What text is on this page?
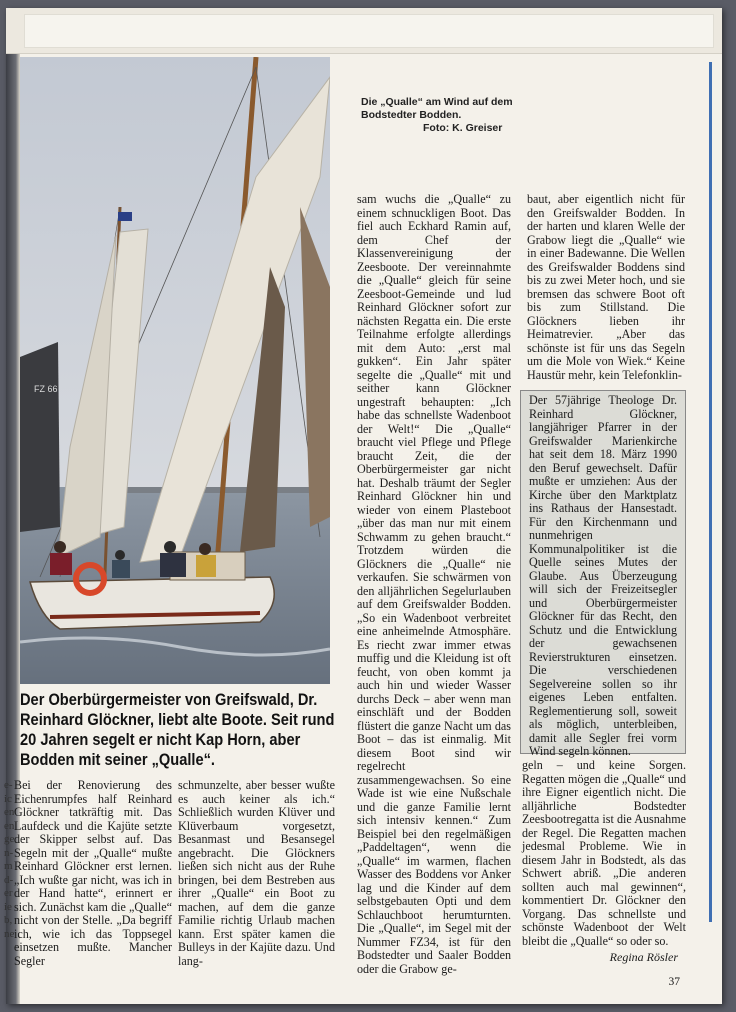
FZ 66
Die „Qualle“ am Wind auf dem Bodstedter Bodden.
Foto: K. Greiser
Der Oberbürgermeister von Greifswald, Dr. Reinhard Glöckner, liebt alte Boote. Seit rund 20 Jahren segelt er nicht Kap Horn, aber Bodden mit seiner „Qualle“.
e- ic en en ge n- m d- er ie b, ne

Bei der Renovierung des Eichenrumpfes half Reinhard Glöckner tatkräftig mit. Das Laufdeck und die Kajüte setzte der Skipper selbst auf. Das Segeln mit der „Qualle“ mußte Reinhard Glöckner erst lernen. „Ich wußte gar nicht, was ich in der Hand hatte“, erinnert er sich. Zunächst kam die „Qualle“ nicht von der Stelle. „Da begriff ich, wie ich das Toppsegel einsetzen mußte. Mancher Segler

schmunzelte, aber besser wußte es auch keiner als ich.“ Schließlich wurden Klüver und Klüverbaum vorgesetzt, Besanmast und Besansegel angebracht. Die Glöckners ließen sich nicht aus der Ruhe bringen, bei dem Bestreben aus ihrer „Qualle“ ein Boot zu machen, auf dem die ganze Familie richtig Urlaub machen kann. Erst später kamen die Bulleys in der Kajüte dazu. Und lang-

sam wuchs die „Qualle“ zu einem schnuckligen Boot. Das fiel auch Eckhard Ramin auf, dem Chef der Klassenvereinigung der Zeesboote. Der vereinnahmte die „Qualle“ gleich für seine Zeesboot-Gemeinde und lud Reinhard Glöckner sofort zur nächsten Regatta ein. Die erste Teilnahme erfolgte allerdings mit dem Auto: „erst mal gukken“. Ein Jahr später segelte die „Qualle“ mit und seither kann Glöckner ungestraft behaupten: „Ich habe das schnellste Wadenboot der Welt!“ Die „Qualle“ braucht viel Pflege und Pflege braucht Zeit, die der Oberbürgermeister gar nicht hat. Deshalb träumt der Segler Reinhard Glöckner hin und wieder von einem Plasteboot „über das man nur mit einem Schwamm zu gehen braucht.“ Trotzdem würden die Glöckners die „Qualle“ nie verkaufen. Sie schwärmen von den alljährlichen Segelurlauben auf dem Greifswalder Bodden. „So ein Wadenboot verbreitet eine anheimelnde Atmosphäre. Es riecht zwar immer etwas muffig und die Kleidung ist oft feucht, von oben kommt ja auch hin und wieder Wasser durchs Deck – aber wenn man einschläft und der Bodden flüstert die ganze Nacht um das Boot – das ist einmalig. Mit diesem Boot sind wir regelrecht zusammengewachsen. So eine Wade ist wie eine Nußschale und die ganze Familie lernt sich intensiv kennen.“ Zum Beispiel bei den regelmäßigen „Paddeltagen“, wenn die „Qualle“ im warmen, flachen Wasser des Boddens vor Anker lag und die Kinder auf dem selbstgebauten Opti und dem Schlauchboot herumturnten. Die „Qualle“, im Segel mit der Nummer FZ34, ist für den Bodstedter und Saaler Bodden oder die Grabow ge-

baut, aber eigentlich nicht für den Greifswalder Bodden. In der harten und klaren Welle der Grabow liegt die „Qualle“ wie in einer Badewanne. Die Wellen des Greifswalder Boddens sind bis zu zwei Meter hoch, und sie bremsen das schwere Boot oft bis zum Stillstand. Die Glöckners lieben ihr Heimatrevier. „Aber das schönste ist für uns das Segeln um die Mole von Wiek.“ Keine Haustür mehr, kein Telefonklin-

Der 57jährige Theologe Dr. Reinhard Glöckner, langjähriger Pfarrer in der Greifswalder Marienkirche hat seit dem 18. März 1990 den Beruf gewechselt. Dafür mußte er umziehen: Aus der Kirche über den Marktplatz ins Rathaus der Hansestadt. Für den Kirchenmann und nunmehrigen Kommunalpolitiker ist die Quelle seines Mutes der Glaube. Aus Überzeugung will sich der Freizeitsegler und Oberbürgermeister Glöckner für das Recht, den Schutz und die Entwicklung der gewachsenen Revierstrukturen einsetzen. Die verschiedenen Segelvereine sollen so ihr eigenes Leben entfalten. Reglementierung soll, soweit als möglich, unterbleiben, damit alle Segler frei vorm Wind segeln können.

geln – und keine Sorgen. Regatten mögen die „Qualle“ und ihre Eigner eigentlich nicht. Die alljährliche Bodstedter Zeesbootregatta ist die Ausnahme der Regel. Die Regatten machen jedesmal Probleme. Wie in diesem Jahr in Bodstedt, als das Schwert abriß. „Die anderen sollten auch mal gewinnen“, kommentiert Dr. Glöckner den Vorgang. Das schnellste und schönste Wadenboot der Welt bleibt die „Qualle“ so oder so.

Regina Rösler
37
